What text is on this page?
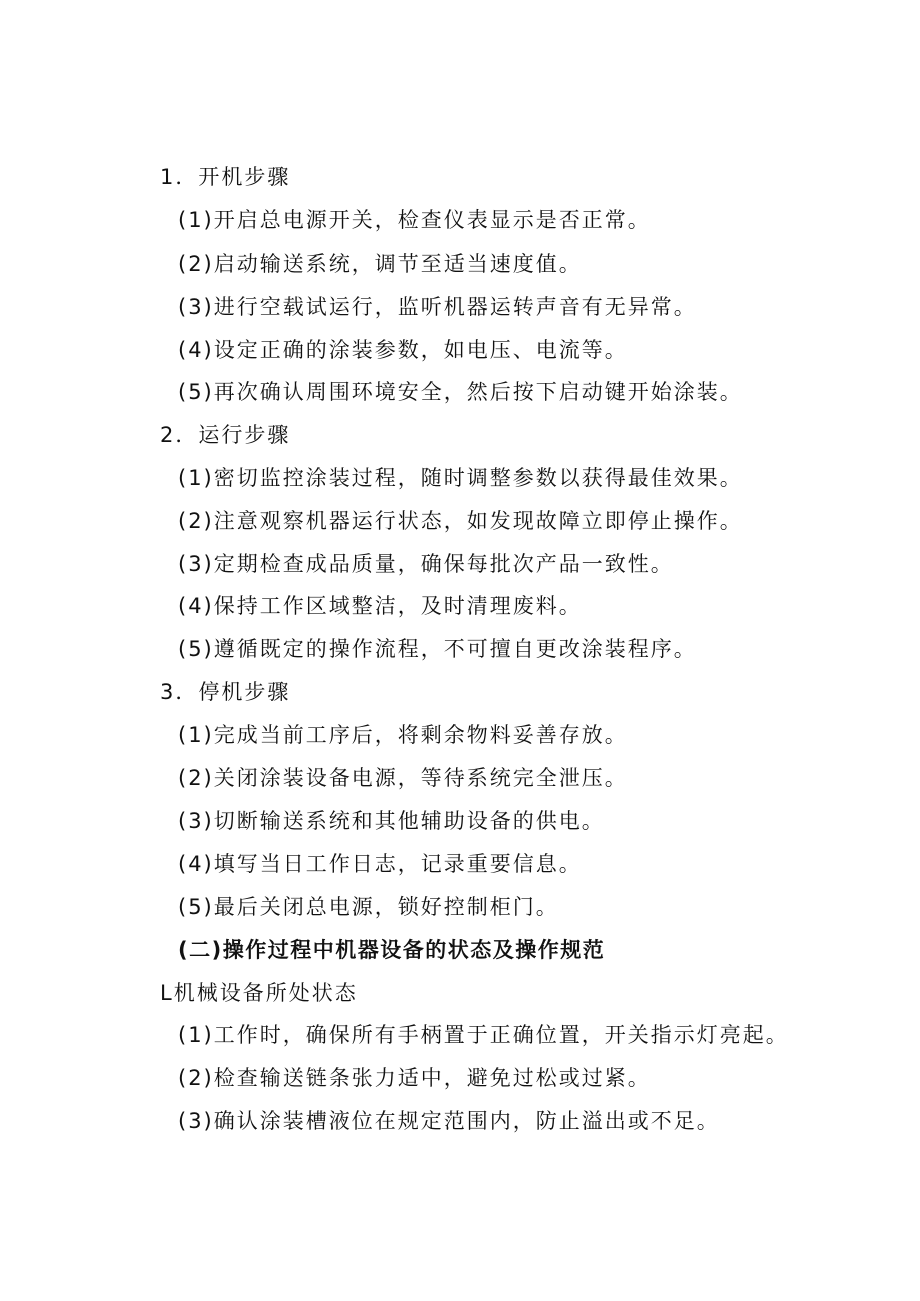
1．开机步骤
(1)开启总电源开关，检查仪表显示是否正常。
(2)启动输送系统，调节至适当速度值。
(3)进行空载试运行，监听机器运转声音有无异常。
(4)设定正确的涂装参数，如电压、电流等。
(5)再次确认周围环境安全，然后按下启动键开始涂装。
2．运行步骤
(1)密切监控涂装过程，随时调整参数以获得最佳效果。
(2)注意观察机器运行状态，如发现故障立即停止操作。
(3)定期检查成品质量，确保每批次产品一致性。
(4)保持工作区域整洁，及时清理废料。
(5)遵循既定的操作流程，不可擅自更改涂装程序。
3．停机步骤
(1)完成当前工序后，将剩余物料妥善存放。
(2)关闭涂装设备电源，等待系统完全泄压。
(3)切断输送系统和其他辅助设备的供电。
(4)填写当日工作日志，记录重要信息。
(5)最后关闭总电源，锁好控制柜门。
(二)操作过程中机器设备的状态及操作规范
L机械设备所处状态
(1)工作时，确保所有手柄置于正确位置，开关指示灯亮起。
(2)检查输送链条张力适中，避免过松或过紧。
(3)确认涂装槽液位在规定范围内，防止溢出或不足。
